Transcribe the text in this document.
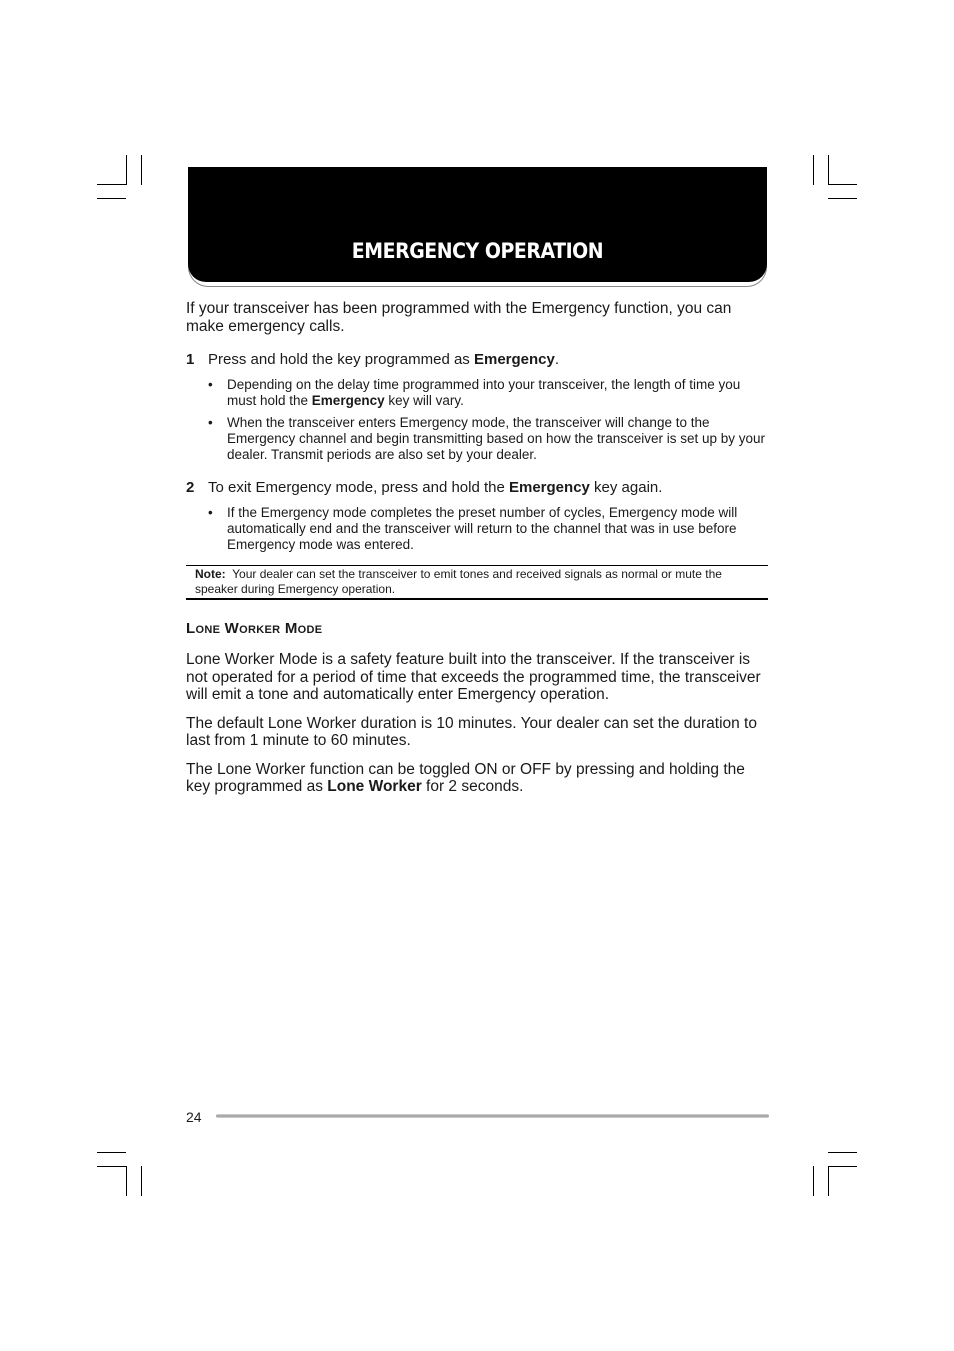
EMERGENCY OPERATION

If your transceiver has been programmed with the Emergency function, you can make emergency calls.

1 Press and hold the key programmed as Emergency.
• Depending on the delay time programmed into your transceiver, the length of time you must hold the Emergency key will vary.
• When the transceiver enters Emergency mode, the transceiver will change to the Emergency channel and begin transmitting based on how the transceiver is set up by your dealer. Transmit periods are also set by your dealer.
2 To exit Emergency mode, press and hold the Emergency key again.
• If the Emergency mode completes the preset number of cycles, Emergency mode will automatically end and the transceiver will return to the channel that was in use before Emergency mode was entered.
Note: Your dealer can set the transceiver to emit tones and received signals as normal or mute the speaker during Emergency operation.
Lone Worker Mode

Lone Worker Mode is a safety feature built into the transceiver. If the transceiver is not operated for a period of time that exceeds the programmed time, the transceiver will emit a tone and automatically enter Emergency operation.

The default Lone Worker duration is 10 minutes. Your dealer can set the duration to last from 1 minute to 60 minutes.

The Lone Worker function can be toggled ON or OFF by pressing and holding the key programmed as Lone Worker for 2 seconds.

24
